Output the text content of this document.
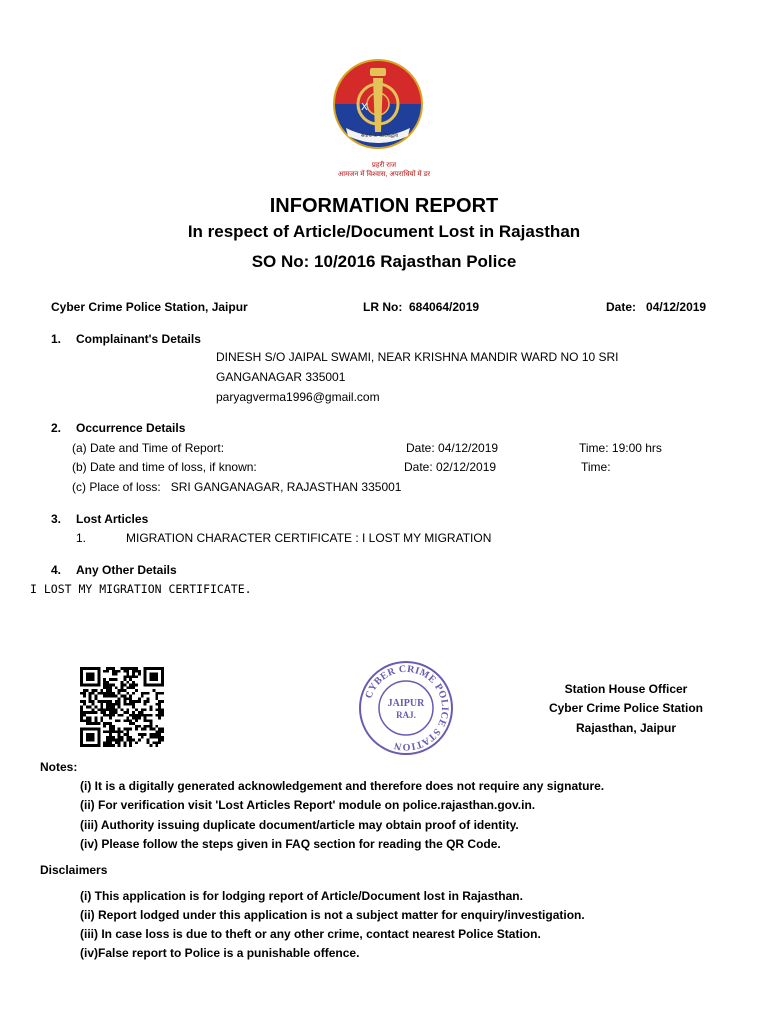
X
सेवार्थ ★ कटिबद्धता
प्रहरी राज
आमजन में विश्वास, अपराधियों में डर
INFORMATION REPORT
In respect of Article/Document Lost in Rajasthan
SO No: 10/2016 Rajasthan Police
Cyber Crime Police Station, Jaipur	LR No: 684064/2019	Date: 04/12/2019
1. Complainant's Details
DINESH S/O JAIPAL SWAMI, NEAR KRISHNA MANDIR WARD NO 10 SRI
GANGANAGAR 335001
paryagverma1996@gmail.com
2. Occurrence Details
(a) Date and Time of Report:	Date: 04/12/2019	Time: 19:00 hrs
(b) Date and time of loss, if known:	Date: 02/12/2019	Time:
(c) Place of loss: SRI GANGANAGAR, RAJASTHAN 335001
3. Lost Articles
1.	MIGRATION CHARACTER CERTIFICATE : I LOST MY MIGRATION
4. Any Other Details
I LOST MY MIGRATION CERTIFICATE.
CYBER CRIME POLICE STATION
JAIPUR
RAJ.
Station House Officer
Cyber Crime Police Station
Rajasthan, Jaipur
Notes:
(i) It is a digitally generated acknowledgement and therefore does not require any signature.
(ii) For verification visit 'Lost Articles Report' module on police.rajasthan.gov.in.
(iii) Authority issuing duplicate document/article may obtain proof of identity.
(iv) Please follow the steps given in FAQ section for reading the QR Code.
Disclaimers
(i) This application is for lodging report of Article/Document lost in Rajasthan.
(ii) Report lodged under this application is not a subject matter for enquiry/investigation.
(iii) In case loss is due to theft or any other crime, contact nearest Police Station.
(iv)False report to Police is a punishable offence.
